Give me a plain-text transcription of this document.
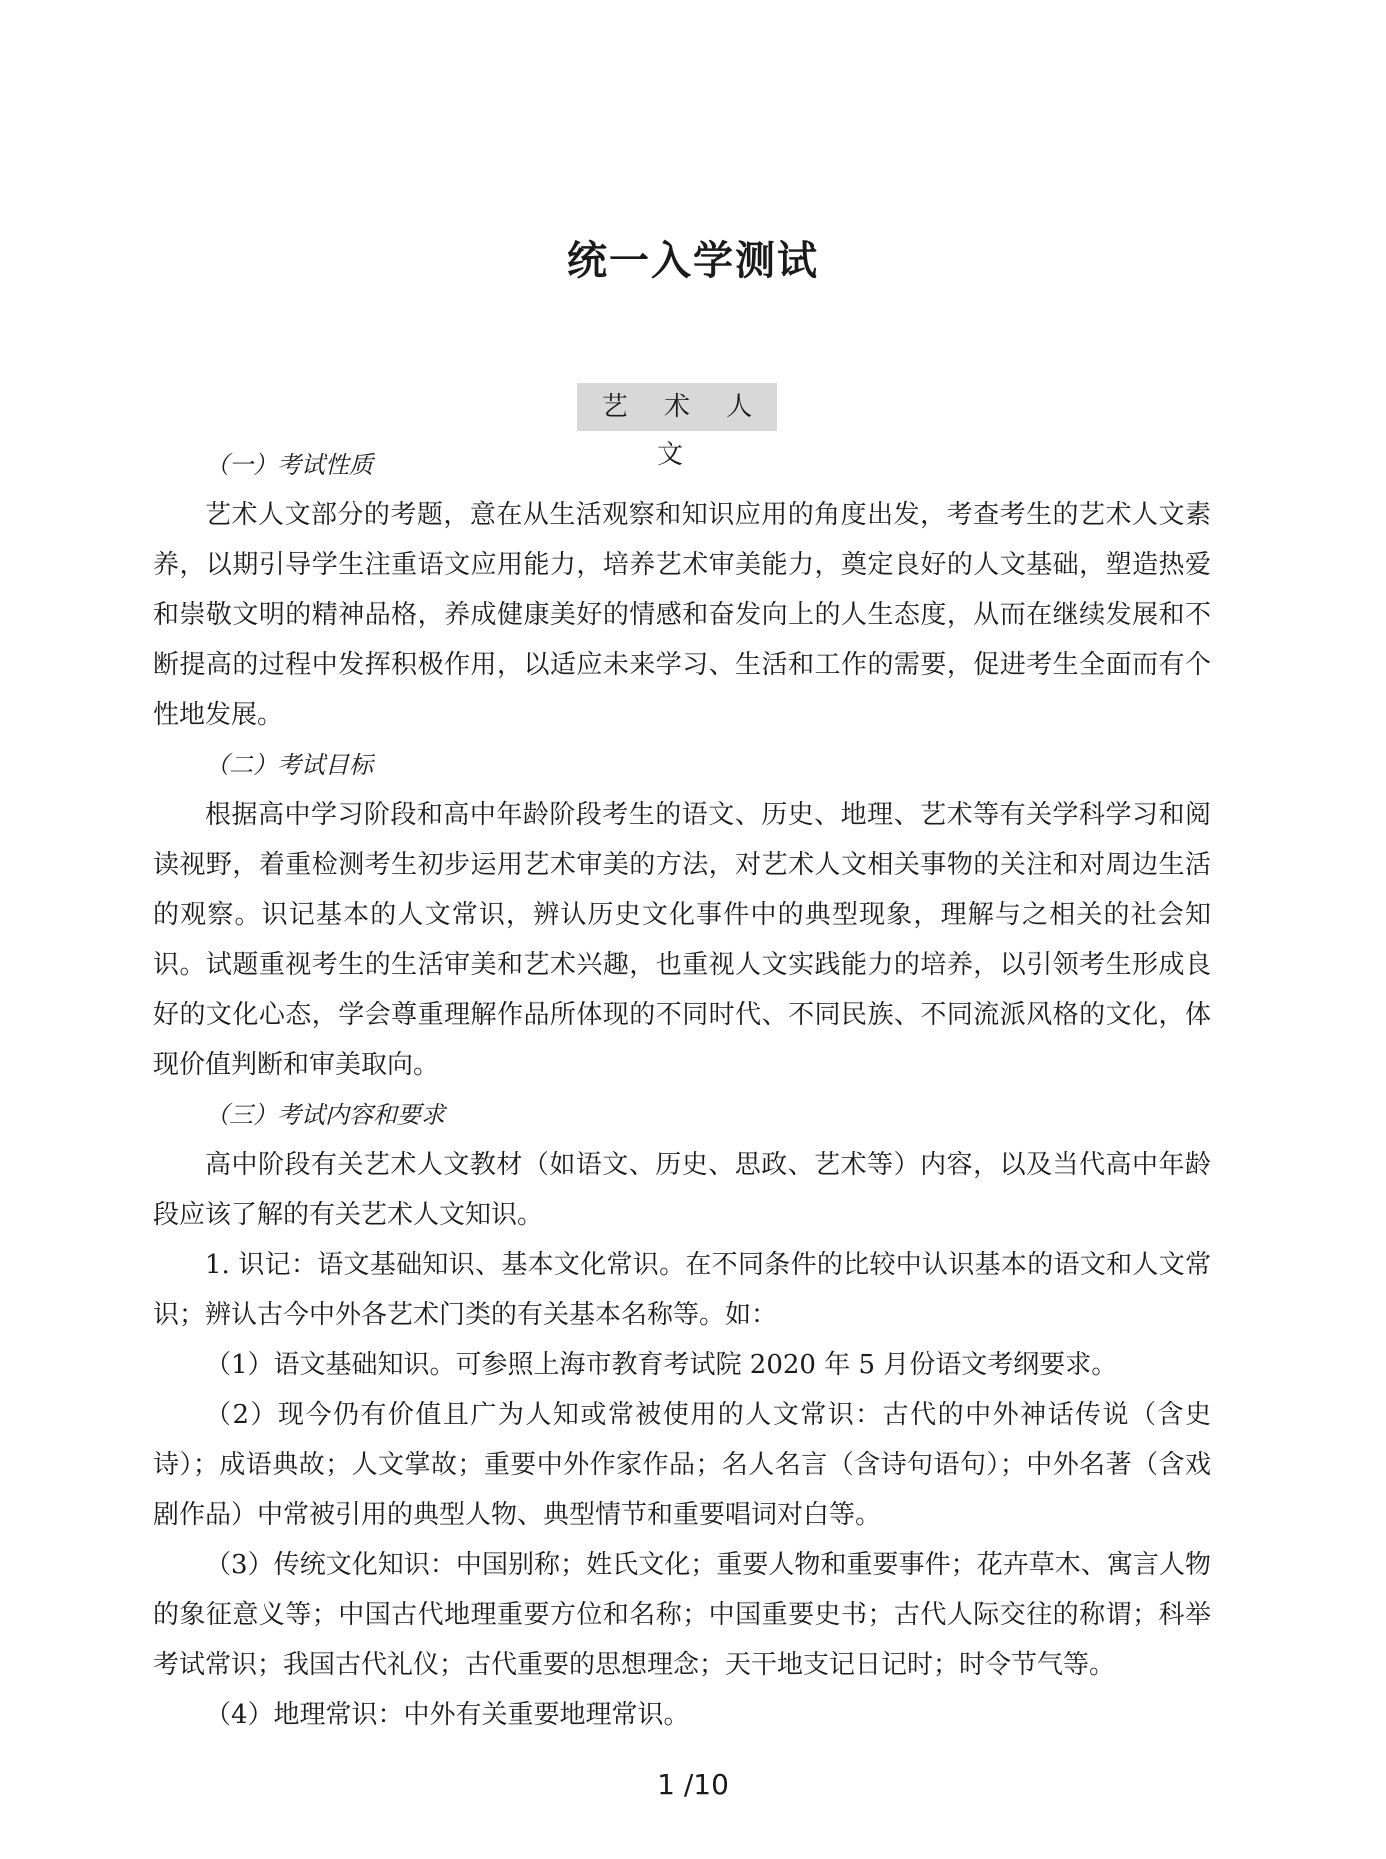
统一入学测试
艺 术 人 文

（一）考试性质

艺术人文部分的考题，意在从生活观察和知识应用的角度出发，考查考生的艺术人文素养，以期引导学生注重语文应用能力，培养艺术审美能力，奠定良好的人文基础，塑造热爱和崇敬文明的精神品格，养成健康美好的情感和奋发向上的人生态度，从而在继续发展和不断提高的过程中发挥积极作用，以适应未来学习、生活和工作的需要，促进考生全面而有个性地发展。

（二）考试目标

根据高中学习阶段和高中年龄阶段考生的语文、历史、地理、艺术等有关学科学习和阅读视野，着重检测考生初步运用艺术审美的方法，对艺术人文相关事物的关注和对周边生活的观察。识记基本的人文常识，辨认历史文化事件中的典型现象，理解与之相关的社会知识。试题重视考生的生活审美和艺术兴趣，也重视人文实践能力的培养，以引领考生形成良好的文化心态，学会尊重理解作品所体现的不同时代、不同民族、不同流派风格的文化，体现价值判断和审美取向。

（三）考试内容和要求

高中阶段有关艺术人文教材（如语文、历史、思政、艺术等）内容，以及当代高中年龄段应该了解的有关艺术人文知识。

1. 识记：语文基础知识、基本文化常识。在不同条件的比较中认识基本的语文和人文常识；辨认古今中外各艺术门类的有关基本名称等。如：

（1）语文基础知识。可参照上海市教育考试院 2020 年 5 月份语文考纲要求。

（2）现今仍有价值且广为人知或常被使用的人文常识：古代的中外神话传说（含史诗）；成语典故；人文掌故；重要中外作家作品；名人名言（含诗句语句）；中外名著（含戏剧作品）中常被引用的典型人物、典型情节和重要唱词对白等。

（3）传统文化知识：中国别称；姓氏文化；重要人物和重要事件；花卉草木、寓言人物的象征意义等；中国古代地理重要方位和名称；中国重要史书；古代人际交往的称谓；科举考试常识；我国古代礼仪；古代重要的思想理念；天干地支记日记时；时令节气等。

（4）地理常识：中外有关重要地理常识。

1 /10
